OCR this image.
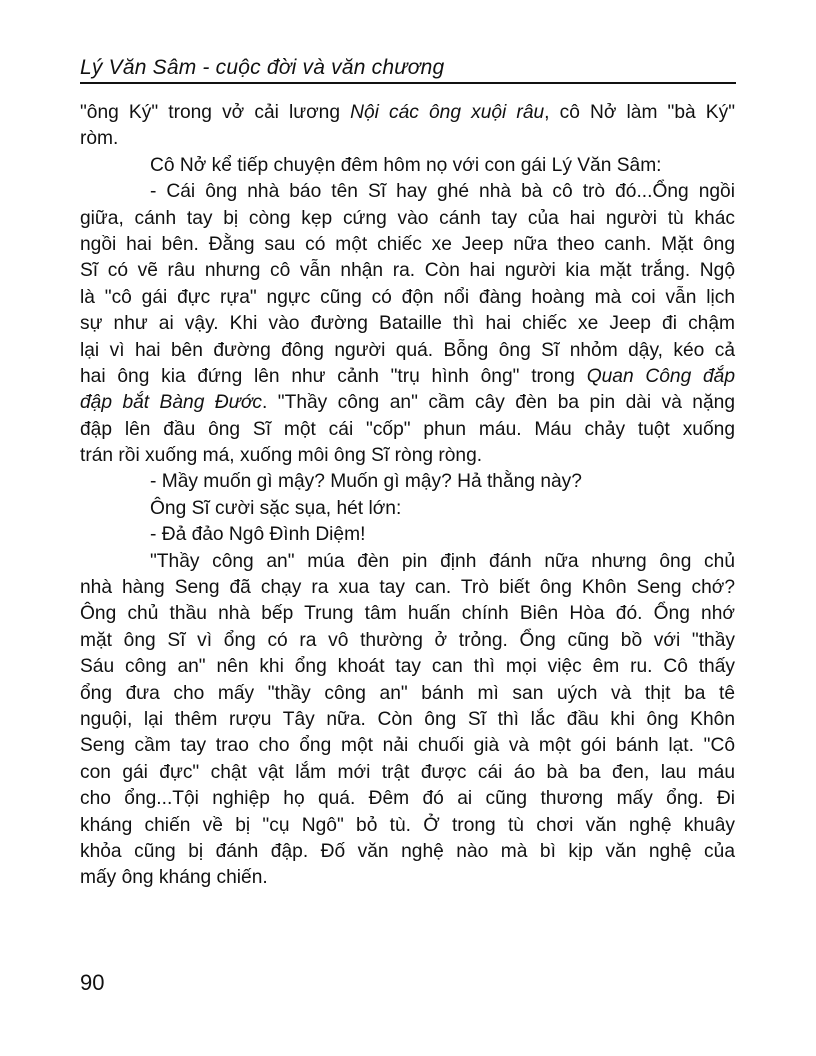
Lý Văn Sâm - cuộc đời và văn chương
"ông Ký" trong vở cải lương Nội các ông xuội râu, cô Nở làm "bà Ký"
ròm.
Cô Nở kể tiếp chuyện đêm hôm nọ với con gái Lý Văn Sâm:
- Cái ông nhà báo tên Sĩ hay ghé nhà bà cô trò đó...Ổng ngồi
giữa, cánh tay bị còng kẹp cứng vào cánh tay của hai người tù khác
ngồi hai bên. Đằng sau có một chiếc xe Jeep nữa theo canh. Mặt ông
Sĩ có vẽ râu nhưng cô vẫn nhận ra. Còn hai người kia mặt trắng. Ngộ
là "cô gái đực rựa" ngực cũng có độn nổi đàng hoàng mà coi vẫn lịch
sự như ai vậy. Khi vào đường Bataille thì hai chiếc xe Jeep đi chậm
lại vì hai bên đường đông người quá. Bỗng ông Sĩ nhỏm dậy, kéo cả
hai ông kia đứng lên như cảnh "trụ hình ông" trong Quan Công đắp
đập bắt Bàng Đước. "Thầy công an" cầm cây đèn ba pin dài và nặng
đập lên đầu ông Sĩ một cái "cốp" phun máu. Máu chảy tuột xuống
trán rồi xuống má, xuống môi ông Sĩ ròng ròng.
- Mầy muốn gì mậy? Muốn gì mậy? Hả thằng này?
Ông Sĩ cười sặc sụa, hét lớn:
- Đả đảo Ngô Đình Diệm!
"Thầy công an" múa đèn pin định đánh nữa nhưng ông chủ
nhà hàng Seng đã chạy ra xua tay can. Trò biết ông Khôn Seng chớ?
Ông chủ thầu nhà bếp Trung tâm huấn chính Biên Hòa đó. Ổng nhớ
mặt ông Sĩ vì ổng có ra vô thường ở trỏng. Ổng cũng bồ với "thầy
Sáu công an" nên khi ổng khoát tay can thì mọi việc êm ru. Cô thấy
ổng đưa cho mấy "thầy công an" bánh mì san uých và thịt ba tê
nguội, lại thêm rượu Tây nữa. Còn ông Sĩ thì lắc đầu khi ông Khôn
Seng cầm tay trao cho ổng một nải chuối già và một gói bánh lạt. "Cô
con gái đực" chật vật lắm mới trật được cái áo bà ba đen, lau máu
cho ổng...Tội nghiệp họ quá. Đêm đó ai cũng thương mấy ổng. Đi
kháng chiến về bị "cụ Ngô" bỏ tù. Ở trong tù chơi văn nghệ khuây
khỏa cũng bị đánh đập. Đố văn nghệ nào mà bì kịp văn nghệ của
mấy ông kháng chiến.
90
